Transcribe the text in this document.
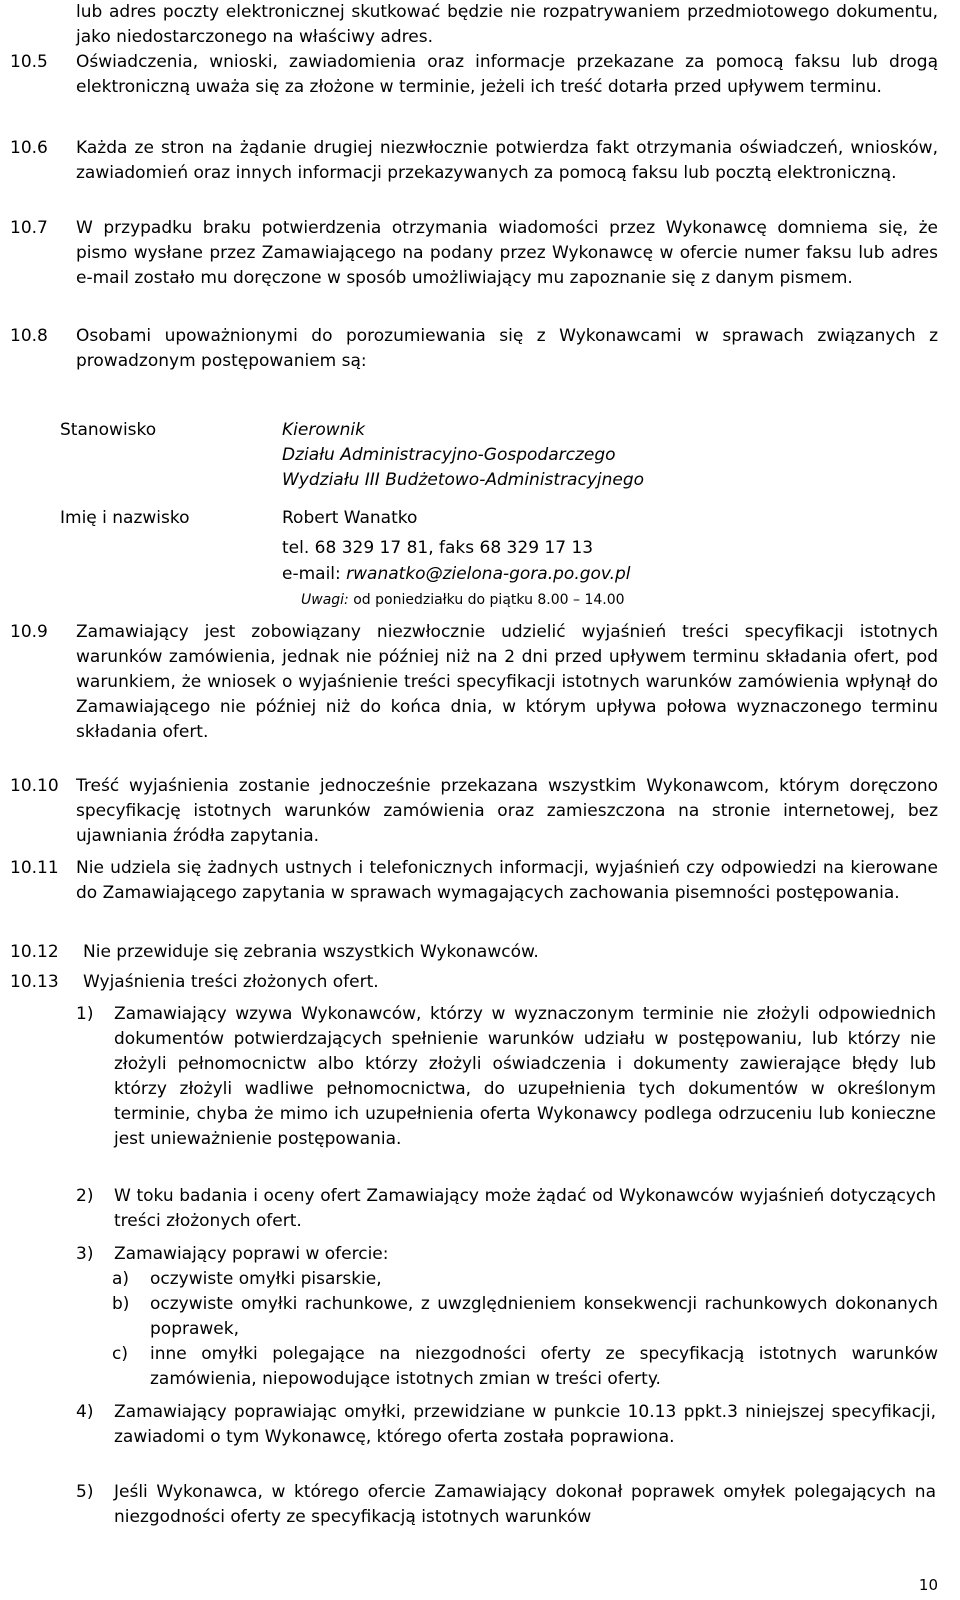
lub adres poczty elektronicznej skutkować będzie nie rozpatrywaniem przedmiotowego dokumentu, jako niedostarczonego na właściwy adres.
10.5 Oświadczenia, wnioski, zawiadomienia oraz informacje przekazane za pomocą faksu lub drogą elektroniczną uważa się za złożone w terminie, jeżeli ich treść dotarła przed upływem terminu.
10.6 Każda ze stron na żądanie drugiej niezwłocznie potwierdza fakt otrzymania oświadczeń, wniosków, zawiadomień oraz innych informacji przekazywanych za pomocą faksu lub pocztą elektroniczną.
10.7 W przypadku braku potwierdzenia otrzymania wiadomości przez Wykonawcę domniema się, że pismo wysłane przez Zamawiającego na podany przez Wykonawcę w ofercie numer faksu lub adres e-mail zostało mu doręczone w sposób umożliwiający mu zapoznanie się z danym pismem.
10.8 Osobami upoważnionymi do porozumiewania się z Wykonawcami w sprawach związanych z prowadzonym postępowaniem są:
Stanowisko	Kierownik
Działu Administracyjno-Gospodarczego
Wydziału III Budżetowo-Administracyjnego
Imię i nazwisko	Robert Wanatko
tel. 68 329 17 81, faks 68 329 17 13
e-mail: rwanatko@zielona-gora.po.gov.pl
Uwagi: od poniedziałku do piątku 8.00 – 14.00
10.9 Zamawiający jest zobowiązany niezwłocznie udzielić wyjaśnień treści specyfikacji istotnych warunków zamówienia, jednak nie później niż na 2 dni przed upływem terminu składania ofert, pod warunkiem, że wniosek o wyjaśnienie treści specyfikacji istotnych warunków zamówienia wpłynął do Zamawiającego nie później niż do końca dnia, w którym upływa połowa wyznaczonego terminu składania ofert.
10.10 Treść wyjaśnienia zostanie jednocześnie przekazana wszystkim Wykonawcom, którym doręczono specyfikację istotnych warunków zamówienia oraz zamieszczona na stronie internetowej, bez ujawniania źródła zapytania.
10.11 Nie udziela się żadnych ustnych i telefonicznych informacji, wyjaśnień czy odpowiedzi na kierowane do Zamawiającego zapytania w sprawach wymagających zachowania pisemności postępowania.
10.12 Nie przewiduje się zebrania wszystkich Wykonawców.
10.13 Wyjaśnienia treści złożonych ofert.
1) Zamawiający wzywa Wykonawców, którzy w wyznaczonym terminie nie złożyli odpowiednich dokumentów potwierdzających spełnienie warunków udziału w postępowaniu, lub którzy nie złożyli pełnomocnictw albo którzy złożyli oświadczenia i dokumenty zawierające błędy lub którzy złożyli wadliwe pełnomocnictwa, do uzupełnienia tych dokumentów w określonym terminie, chyba że mimo ich uzupełnienia oferta Wykonawcy podlega odrzuceniu lub konieczne jest unieważnienie postępowania.
2) W toku badania i oceny ofert Zamawiający może żądać od Wykonawców wyjaśnień dotyczących treści złożonych ofert.
3) Zamawiający poprawi w ofercie:
a) oczywiste omyłki pisarskie,
b) oczywiste omyłki rachunkowe, z uwzględnieniem konsekwencji rachunkowych dokonanych poprawek,
c) inne omyłki polegające na niezgodności oferty ze specyfikacją istotnych warunków zamówienia, niepowodujące istotnych zmian w treści oferty.
4) Zamawiający poprawiając omyłki, przewidziane w punkcie 10.13 ppkt.3 niniejszej specyfikacji, zawiadomi o tym Wykonawcę, którego oferta została poprawiona.
5) Jeśli Wykonawca, w którego ofercie Zamawiający dokonał poprawek omyłek polegających na niezgodności oferty ze specyfikacją istotnych warunków
10
